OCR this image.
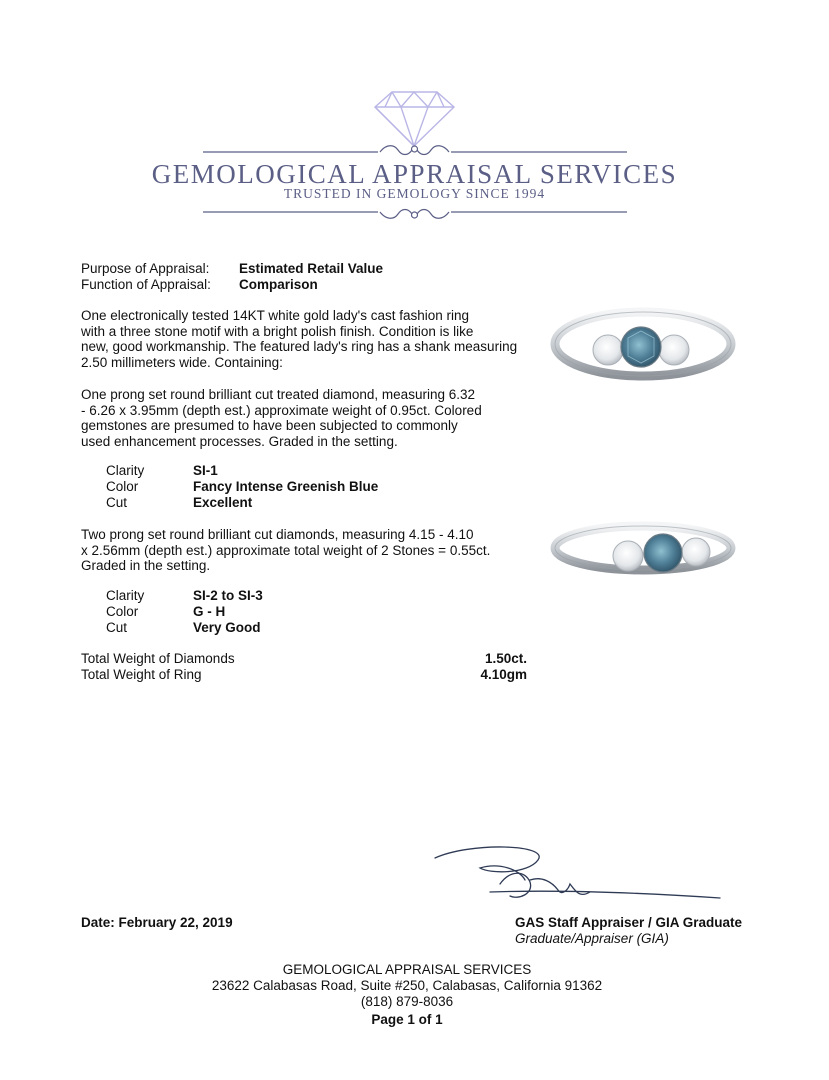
GEMOLOGICAL APPRAISAL SERVICES
TRUSTED IN GEMOLOGY SINCE 1994
Purpose of Appraisal: Estimated Retail Value
Function of Appraisal: Comparison
One electronically tested 14KT white gold lady's cast fashion ring
with a three stone motif with a bright polish finish. Condition is like
new, good workmanship. The featured lady's ring has a shank measuring
2.50 millimeters wide. Containing:
One prong set round brilliant cut treated diamond, measuring 6.32
- 6.26 x 3.95mm (depth est.) approximate weight of 0.95ct. Colored
gemstones are presumed to have been subjected to commonly
used enhancement processes. Graded in the setting.
Clarity	SI-1
Color	Fancy Intense Greenish Blue
Cut	Excellent
Two prong set round brilliant cut diamonds, measuring 4.15 - 4.10
x 2.56mm (depth est.) approximate total weight of 2 Stones = 0.55ct.
Graded in the setting.
Clarity	SI-2 to SI-3
Color	G - H
Cut	Very Good
Total Weight of Diamonds	1.50ct.
Total Weight of Ring	4.10gm
Date: February 22, 2019	GAS Staff Appraiser / GIA Graduate
Graduate/Appraiser (GIA)
GEMOLOGICAL APPRAISAL SERVICES
23622 Calabasas Road, Suite #250, Calabasas, California 91362
(818) 879-8036
Page 1 of 1
